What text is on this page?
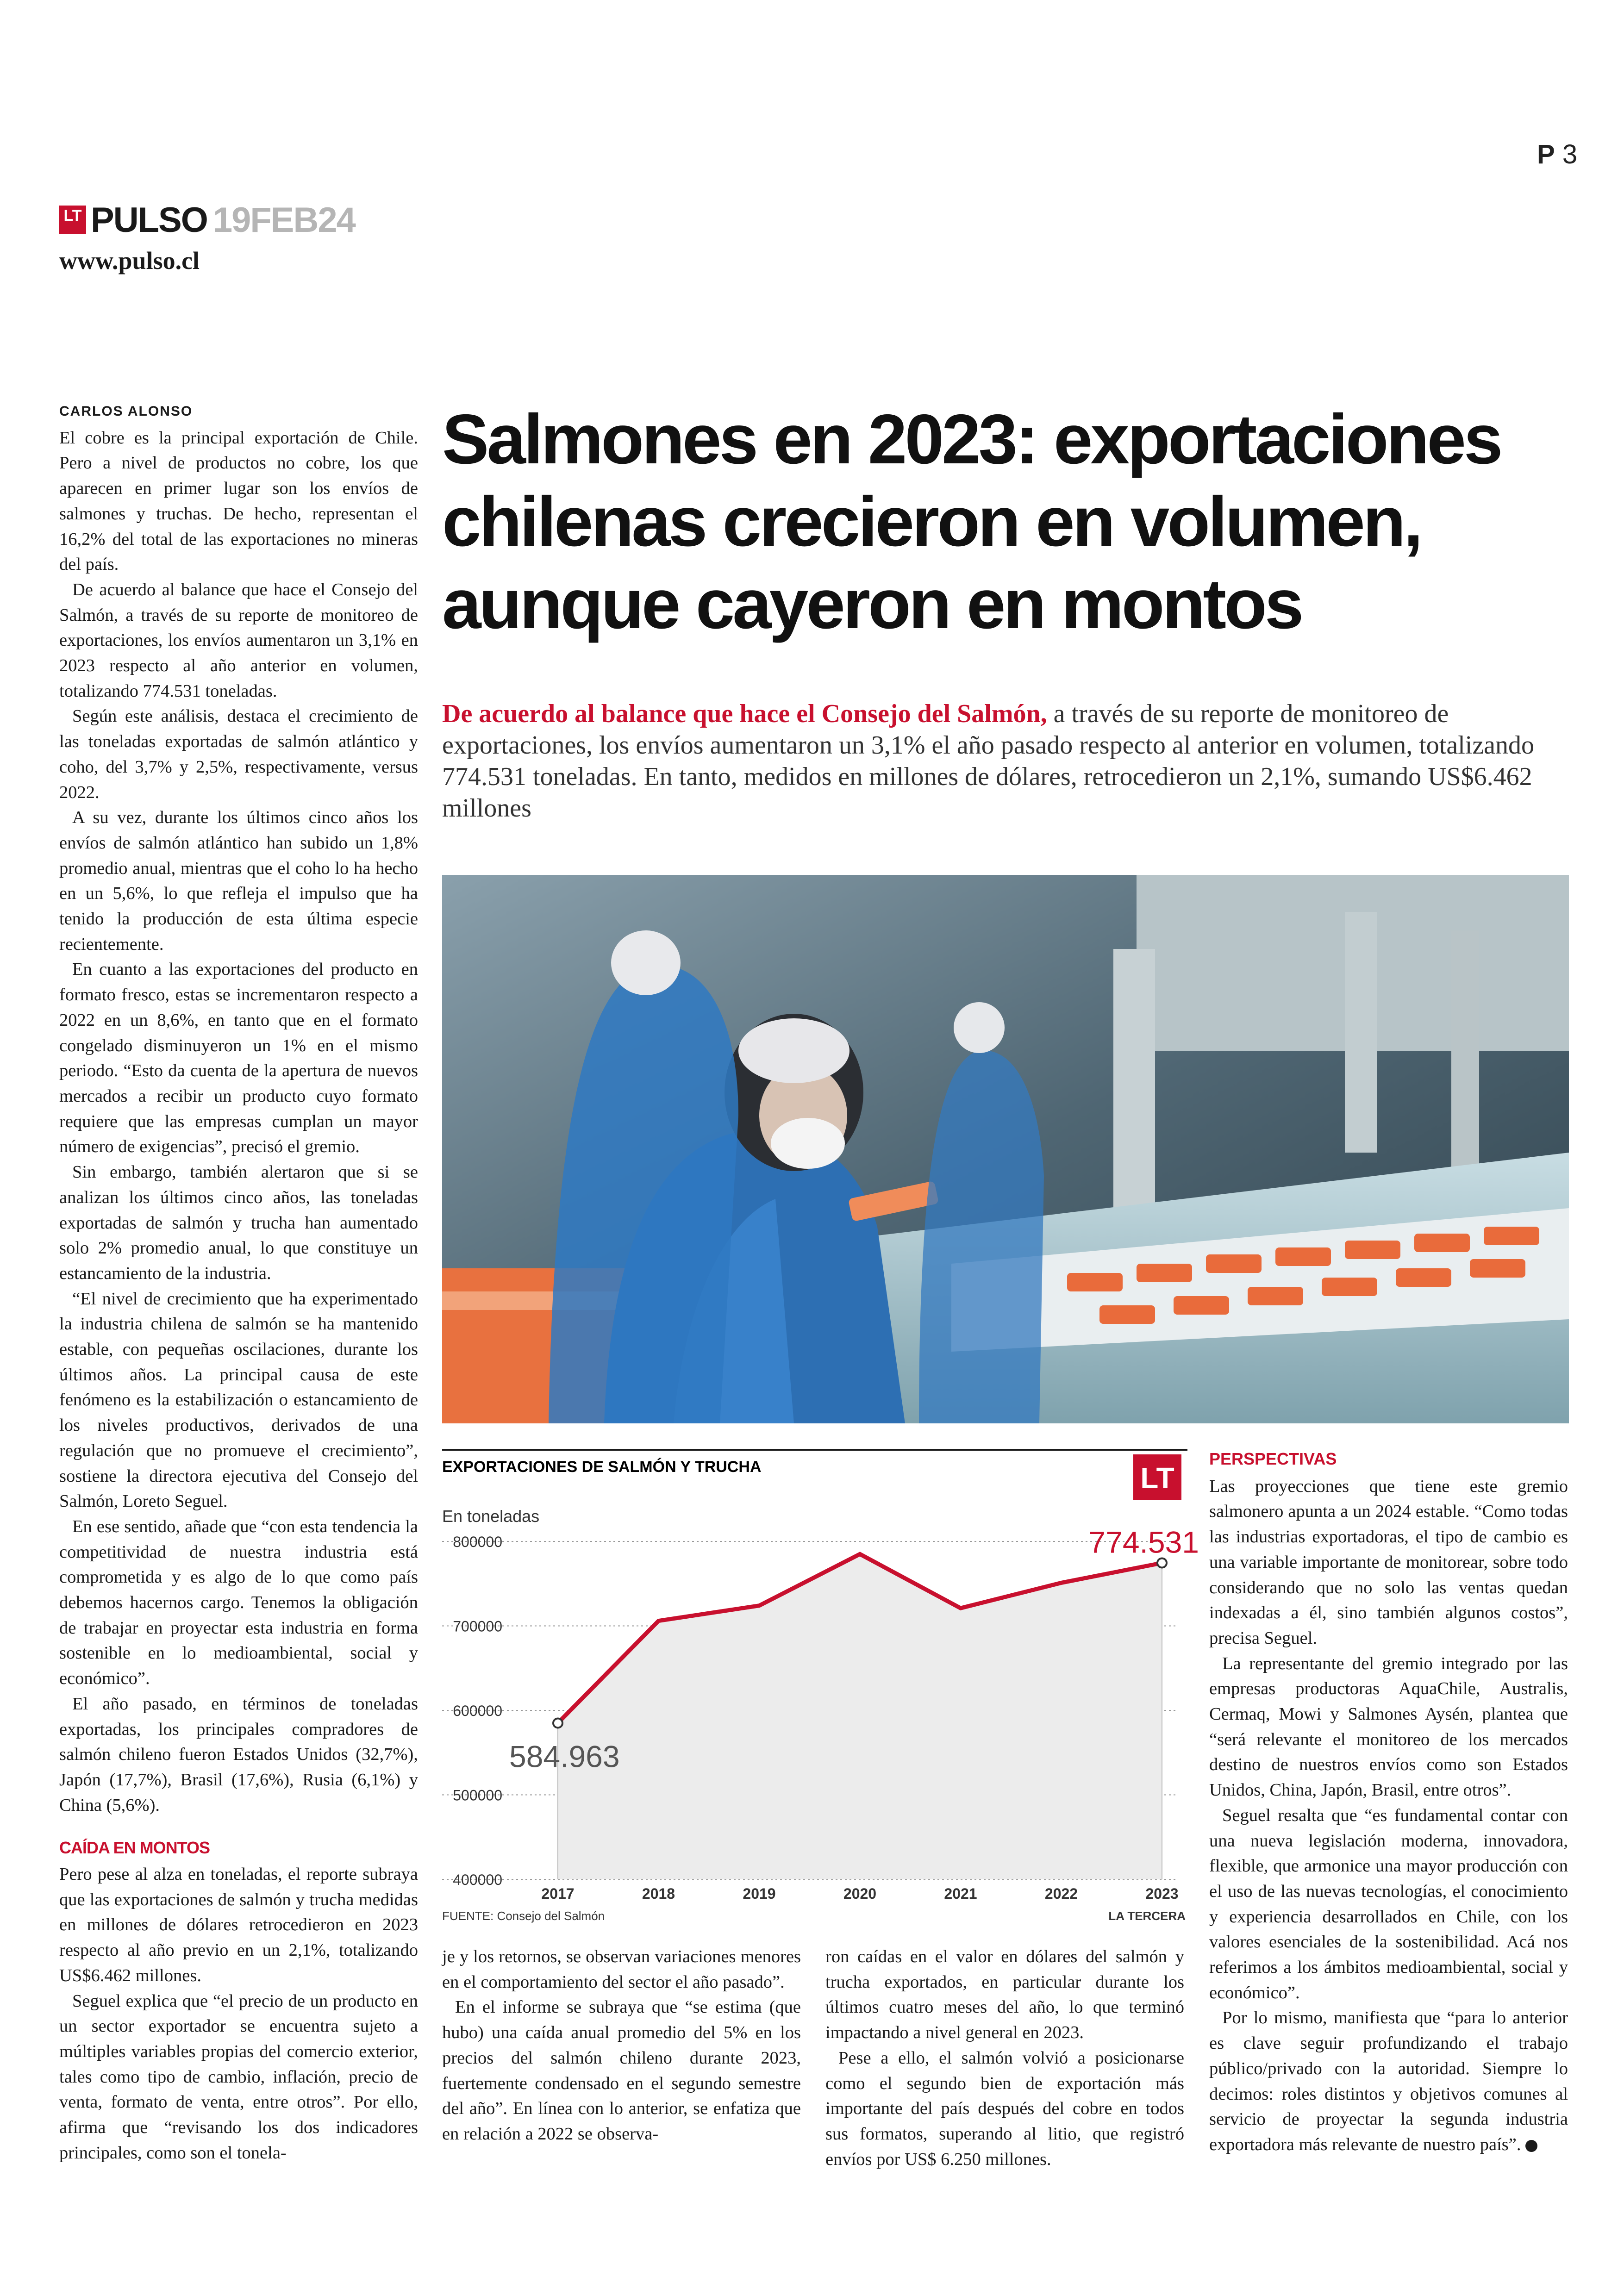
P 3
LT PULSO 19FEB24
www.pulso.cl
CARLOS ALONSO

El cobre es la principal exportación de Chile. Pero a nivel de productos no cobre, los que aparecen en primer lugar son los envíos de salmones y truchas. De hecho, representan el 16,2% del total de las exportaciones no mineras del país.

De acuerdo al balance que hace el Consejo del Salmón, a través de su reporte de monitoreo de exportaciones, los envíos aumentaron un 3,1% en 2023 respecto al año anterior en volumen, totalizando 774.531 toneladas.

Según este análisis, destaca el crecimiento de las toneladas exportadas de salmón atlántico y coho, del 3,7% y 2,5%, respectivamente, versus 2022.

A su vez, durante los últimos cinco años los envíos de salmón atlántico han subido un 1,8% promedio anual, mientras que el coho lo ha hecho en un 5,6%, lo que refleja el impulso que ha tenido la producción de esta última especie recientemente.

En cuanto a las exportaciones del producto en formato fresco, estas se incrementaron respecto a 2022 en un 8,6%, en tanto que en el formato congelado disminuyeron un 1% en el mismo periodo. “Esto da cuenta de la apertura de nuevos mercados a recibir un producto cuyo formato requiere que las empresas cumplan un mayor número de exigencias”, precisó el gremio.

Sin embargo, también alertaron que si se analizan los últimos cinco años, las toneladas exportadas de salmón y trucha han aumentado solo 2% promedio anual, lo que constituye un estancamiento de la industria.

“El nivel de crecimiento que ha experimentado la industria chilena de salmón se ha mantenido estable, con pequeñas oscilaciones, durante los últimos años. La principal causa de este fenómeno es la estabilización o estancamiento de los niveles productivos, derivados de una regulación que no promueve el crecimiento”, sostiene la directora ejecutiva del Consejo del Salmón, Loreto Seguel.

En ese sentido, añade que “con esta tendencia la competitividad de nuestra industria está comprometida y es algo de lo que como país debemos hacernos cargo. Tenemos la obligación de trabajar en proyectar esta industria en forma sostenible en lo medioambiental, social y económico”.

El año pasado, en términos de toneladas exportadas, los principales compradores de salmón chileno fueron Estados Unidos (32,7%), Japón (17,7%), Brasil (17,6%), Rusia (6,1%) y China (5,6%).

CAÍDA EN MONTOS

Pero pese al alza en toneladas, el reporte subraya que las exportaciones de salmón y trucha medidas en millones de dólares retrocedieron en 2023 respecto al año previo en un 2,1%, totalizando US$6.462 millones.

Seguel explica que “el precio de un producto en un sector exportador se encuentra sujeto a múltiples variables propias del comercio exterior, tales como tipo de cambio, inflación, precio de venta, formato de venta, entre otros”. Por ello, afirma que “revisando los dos indicadores principales, como son el tonela-

Salmones en 2023: exportaciones chilenas crecieron en volumen, aunque cayeron en montos

De acuerdo al balance que hace el Consejo del Salmón, a través de su reporte de monitoreo de exportaciones, los envíos aumentaron un 3,1% el año pasado respecto al anterior en volumen, totalizando 774.531 toneladas. En tanto, medidos en millones de dólares, retrocedieron un 2,1%, sumando US$6.462 millones

EXPORTACIONES DE SALMÓN Y TRUCHA	LT
En toneladas
800000
700000
600000
500000
400000
2017	2018	2019	2020	2021	2022	2023
584.963
774.531
FUENTE: Consejo del Salmón	LA TERCERA

je y los retornos, se observan variaciones menores en el comportamiento del sector el año pasado”.

En el informe se subraya que “se estima (que hubo) una caída anual promedio del 5% en los precios del salmón chileno durante 2023, fuertemente condensado en el segundo semestre del año”. En línea con lo anterior, se enfatiza que en relación a 2022 se observa-

ron caídas en el valor en dólares del salmón y trucha exportados, en particular durante los últimos cuatro meses del año, lo que terminó impactando a nivel general en 2023.

Pese a ello, el salmón volvió a posicionarse como el segundo bien de exportación más importante del país después del cobre en todos sus formatos, superando al litio, que registró envíos por US$ 6.250 millones.

PERSPECTIVAS

Las proyecciones que tiene este gremio salmonero apunta a un 2024 estable. “Como todas las industrias exportadoras, el tipo de cambio es una variable importante de monitorear, sobre todo considerando que no solo las ventas quedan indexadas a él, sino también algunos costos”, precisa Seguel.

La representante del gremio integrado por las empresas productoras AquaChile, Australis, Cermaq, Mowi y Salmones Aysén, plantea que “será relevante el monitoreo de los mercados destino de nuestros envíos como son Estados Unidos, China, Japón, Brasil, entre otros”.

Seguel resalta que “es fundamental contar con una nueva legislación moderna, innovadora, flexible, que armonice una mayor producción con el uso de las nuevas tecnologías, el conocimiento y experiencia desarrollados en Chile, con los valores esenciales de la sostenibilidad. Acá nos referimos a los ámbitos medioambiental, social y económico”.

Por lo mismo, manifiesta que “para lo anterior es clave seguir profundizando el trabajo público/privado con la autoridad. Siempre lo decimos: roles distintos y objetivos comunes al servicio de proyectar la segunda industria exportadora más relevante de nuestro país”.
